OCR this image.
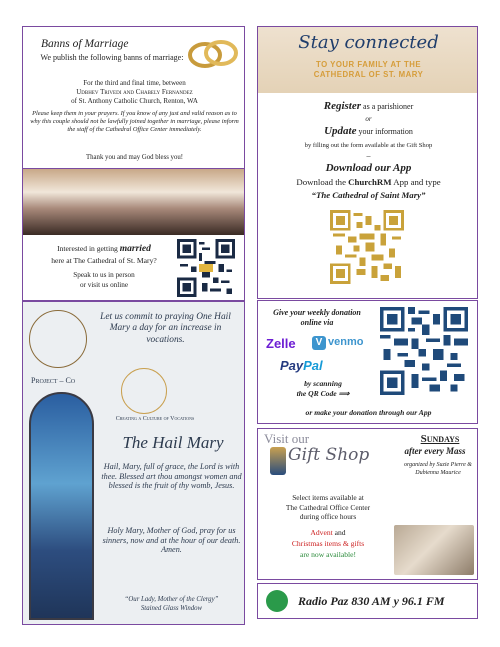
Banns of Marriage
We publish the following banns of marriage:
For the third and final time, between
Udbhev Trivedi and Chabely Fernandez
of St. Anthony Catholic Church, Renton, WA
Please keep them in your prayers. If you know of any just and valid reason as to why this couple should not be lawfully joined together in marriage, please inform the staff of the Cathedral Office Center immediately.
Thank you and may God bless you!
Interested in getting married
here at The Cathedral of St. Mary?
Speak to us in person
or visit us online
Stay connected
TO YOUR FAMILY AT THE
CATHEDRAL OF ST. MARY
Register as a parishioner
or
Update your information
by filling out the form available at the Gift Shop
–
Download our App
Download the ChurchRM App and type
“The Cathedral of Saint Mary”
Let us commit to praying One Hail Mary a day for an increase in vocations.
Project – Co
Creating a Culture of Vocations
The Hail Mary
Hail, Mary, full of grace, the Lord is with thee. Blessed art thou amongst women and blessed is the fruit of thy womb, Jesus.
Holy Mary, Mother of God, pray for us sinners, now and at the hour of our death. Amen.
“Our Lady, Mother of the Clergy”
Stained Glass Window
Give your weekly donation
online via
Zelle	V venmo
PayPal
by scanning
the QR Code ⟹
or make your donation through our App
Visit our
Gift Shop
Sundays
after every Mass
organized by Suzie Pierre & Dubienna Maurice
Select items available at
The Cathedral Office Center
during office hours
Advent and
Christmas items & gifts
are now available!
Radio Paz 830 AM y 96.1 FM
